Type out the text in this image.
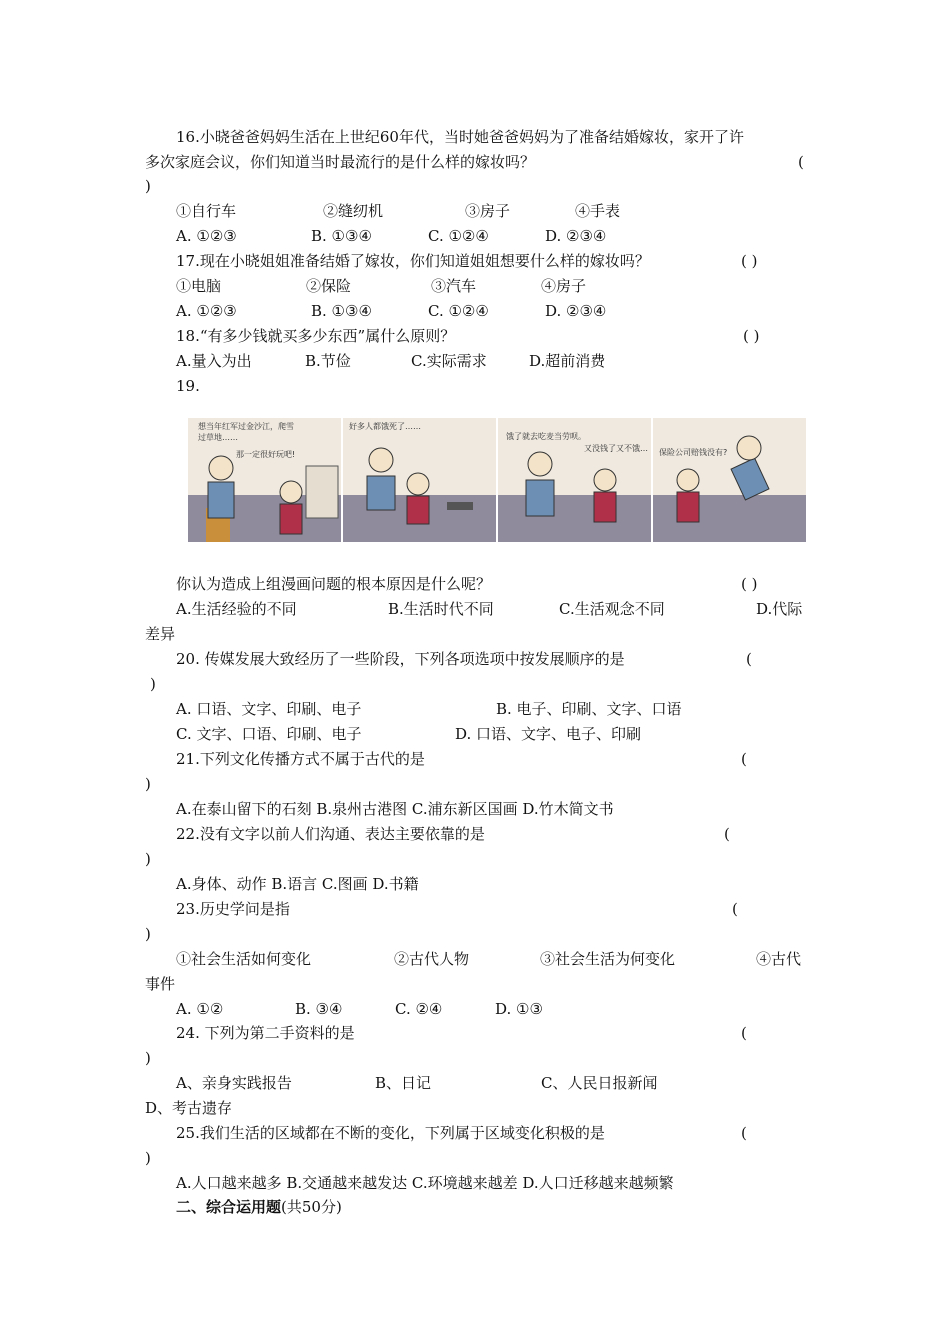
16.小晓爸爸妈妈生活在上世纪60年代，当时她爸爸妈妈为了准备结婚嫁妆，家开了许
多次家庭会议，你们知道当时最流行的是什么样的嫁妆吗？	(
)
①自行车	②缝纫机	③房子	④手表
A. ①②③	B. ①③④	C. ①②④	D. ②③④
17.现在小晓姐姐准备结婚了嫁妆，你们知道姐姐想要什么样的嫁妆吗？	( )
①电脑	②保险	③汽车	④房子
A. ①②③	B. ①③④	C. ①②④	D. ②③④
18.“有多少钱就买多少东西”属什么原则？	( )
A.量入为出	B.节俭	C.实际需求	D.超前消费
19.
想当年红军过金沙江，爬雪
过草地……
那一定很好玩吧!
好多人都饿死了……
饿了就去吃麦当劳呗。
又没钱了又不饿… 保险公司赔钱没有?
你认为造成上组漫画问题的根本原因是什么呢？	( )
A.生活经验的不同	B.生活时代不同	C.生活观念不同	D.代际
差异
20. 传媒发展大致经历了一些阶段，下列各项选项中按发展顺序的是	(
)
A. 口语、文字、印刷、电子	B. 电子、印刷、文字、口语
C. 文字、口语、印刷、电子	D. 口语、文字、电子、印刷
21.下列文化传播方式不属于古代的是	(
)
A.在泰山留下的石刻 B.泉州古港图 C.浦东新区国画 D.竹木简文书
22.没有文字以前人们沟通、表达主要依靠的是	(
)
A.身体、动作 B.语言 C.图画 D.书籍
23.历史学问是指	(
)
①社会生活如何变化	②古代人物	③社会生活为何变化	④古代
事件
A. ①②	B. ③④	C. ②④	D. ①③
24. 下列为第二手资料的是	(
)
A、亲身实践报告	B、日记	C、人民日报新闻
D、考古遗存
25.我们生活的区域都在不断的变化，下列属于区域变化积极的是	(
)
A.人口越来越多 B.交通越来越发达 C.环境越来越差 D.人口迁移越来越频繁
二、综合运用题(共50分)
